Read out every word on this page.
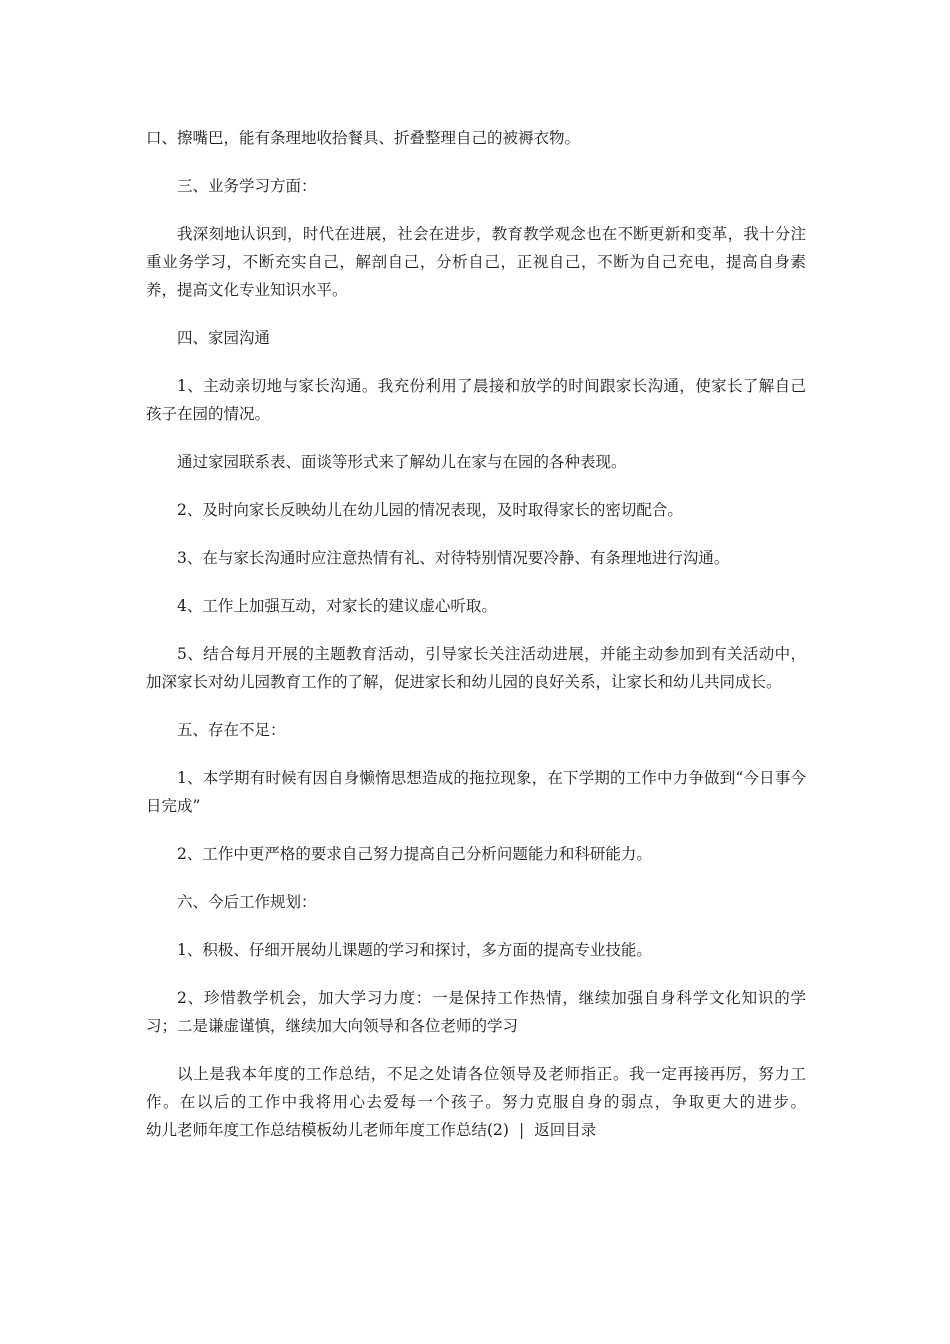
口、擦嘴巴，能有条理地收拾餐具、折叠整理自己的被褥衣物。

三、业务学习方面：

我深刻地认识到，时代在进展，社会在进步，教育教学观念也在不断更新和变革，我十分注重业务学习，不断充实自己，解剖自己，分析自己，正视自己，不断为自己充电，提高自身素养，提高文化专业知识水平。

四、家园沟通

1、主动亲切地与家长沟通。我充份利用了晨接和放学的时间跟家长沟通，使家长了解自己孩子在园的情况。

通过家园联系表、面谈等形式来了解幼儿在家与在园的各种表现。

2、及时向家长反映幼儿在幼儿园的情况表现，及时取得家长的密切配合。

3、在与家长沟通时应注意热情有礼、对待特别情况要冷静、有条理地进行沟通。

4、工作上加强互动，对家长的建议虚心听取。

5、结合每月开展的主题教育活动，引导家长关注活动进展，并能主动参加到有关活动中，加深家长对幼儿园教育工作的了解，促进家长和幼儿园的良好关系，让家长和幼儿共同成长。

五、存在不足：

1、本学期有时候有因自身懒惰思想造成的拖拉现象，在下学期的工作中力争做到“今日事今日完成”

2、工作中更严格的要求自己努力提高自己分析问题能力和科研能力。

六、今后工作规划：

1、积极、仔细开展幼儿课题的学习和探讨，多方面的提高专业技能。

2、珍惜教学机会，加大学习力度：一是保持工作热情，继续加强自身科学文化知识的学习；二是谦虚谨慎，继续加大向领导和各位老师的学习

以上是我本年度的工作总结，不足之处请各位领导及老师指正。我一定再接再厉，努力工作。在以后的工作中我将用心去爱每一个孩子。努力克服自身的弱点，争取更大的进步。幼儿老师年度工作总结模板幼儿老师年度工作总结(2) | 返回目录
